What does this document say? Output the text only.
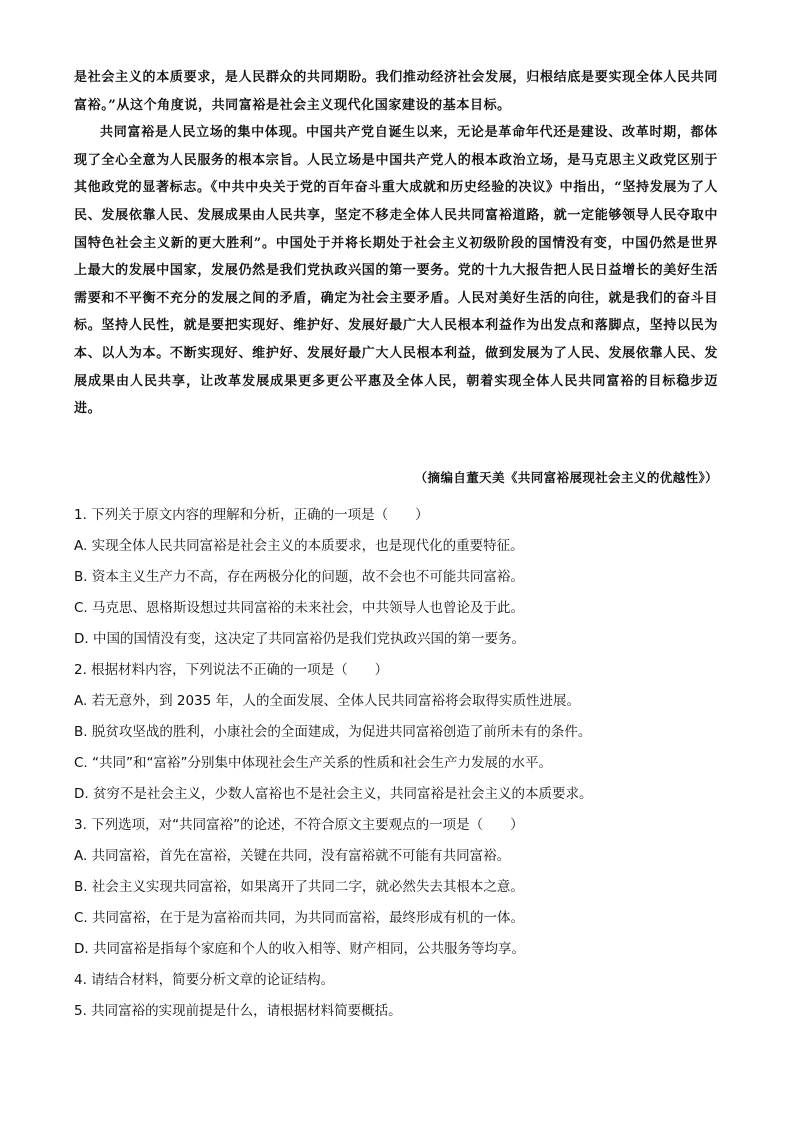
是社会主义的本质要求，是人民群众的共同期盼。我们推动经济社会发展，归根结底是要实现全体人民共同富裕。”从这个角度说，共同富裕是社会主义现代化国家建设的基本目标。

共同富裕是人民立场的集中体现。中国共产党自诞生以来，无论是革命年代还是建设、改革时期，都体现了全心全意为人民服务的根本宗旨。人民立场是中国共产党人的根本政治立场，是马克思主义政党区别于其他政党的显著标志。《中共中央关于党的百年奋斗重大成就和历史经验的决议》中指出，“坚持发展为了人民、发展依靠人民、发展成果由人民共享，坚定不移走全体人民共同富裕道路，就一定能够领导人民夺取中国特色社会主义新的更大胜利”。中国处于并将长期处于社会主义初级阶段的国情没有变，中国仍然是世界上最大的发展中国家，发展仍然是我们党执政兴国的第一要务。党的十九大报告把人民日益增长的美好生活需要和不平衡不充分的发展之间的矛盾，确定为社会主要矛盾。人民对美好生活的向往，就是我们的奋斗目标。坚持人民性，就是要把实现好、维护好、发展好最广大人民根本利益作为出发点和落脚点，坚持以民为本、以人为本。不断实现好、维护好、发展好最广大人民根本利益，做到发展为了人民、发展依靠人民、发展成果由人民共享，让改革发展成果更多更公平惠及全体人民，朝着实现全体人民共同富裕的目标稳步迈进。

（摘编自董天美《共同富裕展现社会主义的优越性》）
1. 下列关于原文内容的理解和分析，正确的一项是（　　）
A. 实现全体人民共同富裕是社会主义的本质要求，也是现代化的重要特征。
B. 资本主义生产力不高，存在两极分化的问题，故不会也不可能共同富裕。
C. 马克思、恩格斯设想过共同富裕的未来社会，中共领导人也曾论及于此。
D. 中国的国情没有变，这决定了共同富裕仍是我们党执政兴国的第一要务。
2. 根据材料内容，下列说法不正确的一项是（　　）
A. 若无意外，到 2035 年，人的全面发展、全体人民共同富裕将会取得实质性进展。
B. 脱贫攻坚战的胜利，小康社会的全面建成，为促进共同富裕创造了前所未有的条件。
C. “共同”和“富裕”分别集中体现社会生产关系的性质和社会生产力发展的水平。
D. 贫穷不是社会主义，少数人富裕也不是社会主义，共同富裕是社会主义的本质要求。
3. 下列选项，对“共同富裕”的论述，不符合原文主要观点的一项是（　　）
A. 共同富裕，首先在富裕，关键在共同，没有富裕就不可能有共同富裕。
B. 社会主义实现共同富裕，如果离开了共同二字，就必然失去其根本之意。
C. 共同富裕，在于是为富裕而共同，为共同而富裕，最终形成有机的一体。
D. 共同富裕是指每个家庭和个人的收入相等、财产相同，公共服务等均享。
4. 请结合材料，简要分析文章的论证结构。
5. 共同富裕的实现前提是什么，请根据材料简要概括。
